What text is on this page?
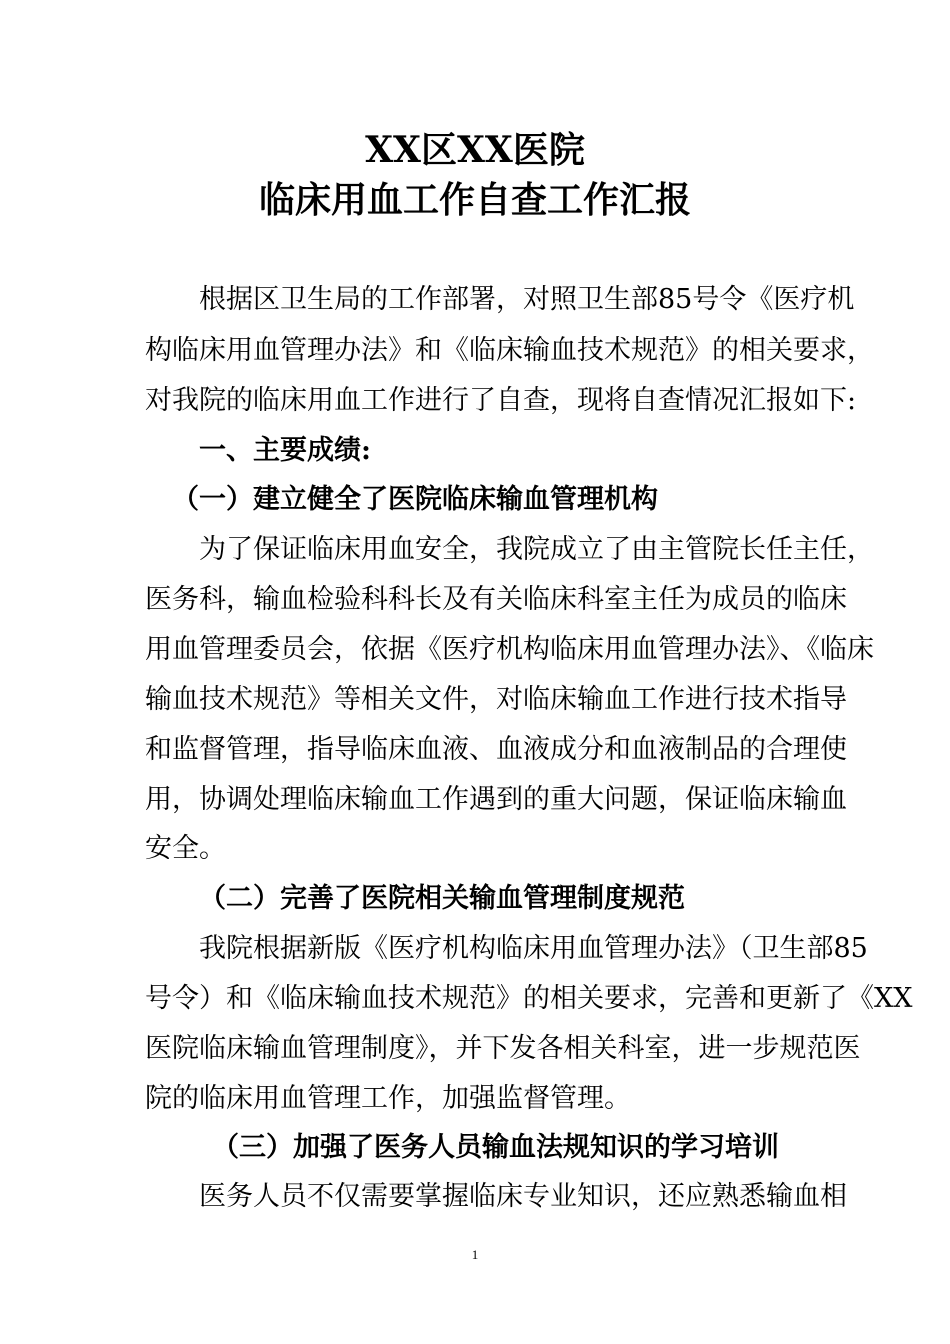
XX区XX医院
临床用血工作自查工作汇报
根据区卫生局的工作部署，对照卫生部85号令《医疗机
构临床用血管理办法》和《临床输血技术规范》的相关要求，
对我院的临床用血工作进行了自查，现将自查情况汇报如下:
一、主要成绩:
（一）建立健全了医院临床输血管理机构
为了保证临床用血安全，我院成立了由主管院长任主任，
医务科，输血检验科科长及有关临床科室主任为成员的临床
用血管理委员会，依据《医疗机构临床用血管理办法》、《临床
输血技术规范》等相关文件，对临床输血工作进行技术指导
和监督管理，指导临床血液、血液成分和血液制品的合理使
用，协调处理临床输血工作遇到的重大问题，保证临床输血
安全。
（二）完善了医院相关输血管理制度规范
我院根据新版《医疗机构临床用血管理办法》（卫生部85
号令）和《临床输血技术规范》的相关要求，完善和更新了《XX
医院临床输血管理制度》，并下发各相关科室，进一步规范医
院的临床用血管理工作，加强监督管理。
（三）加强了医务人员输血法规知识的学习培训
医务人员不仅需要掌握临床专业知识，还应熟悉输血相
1
